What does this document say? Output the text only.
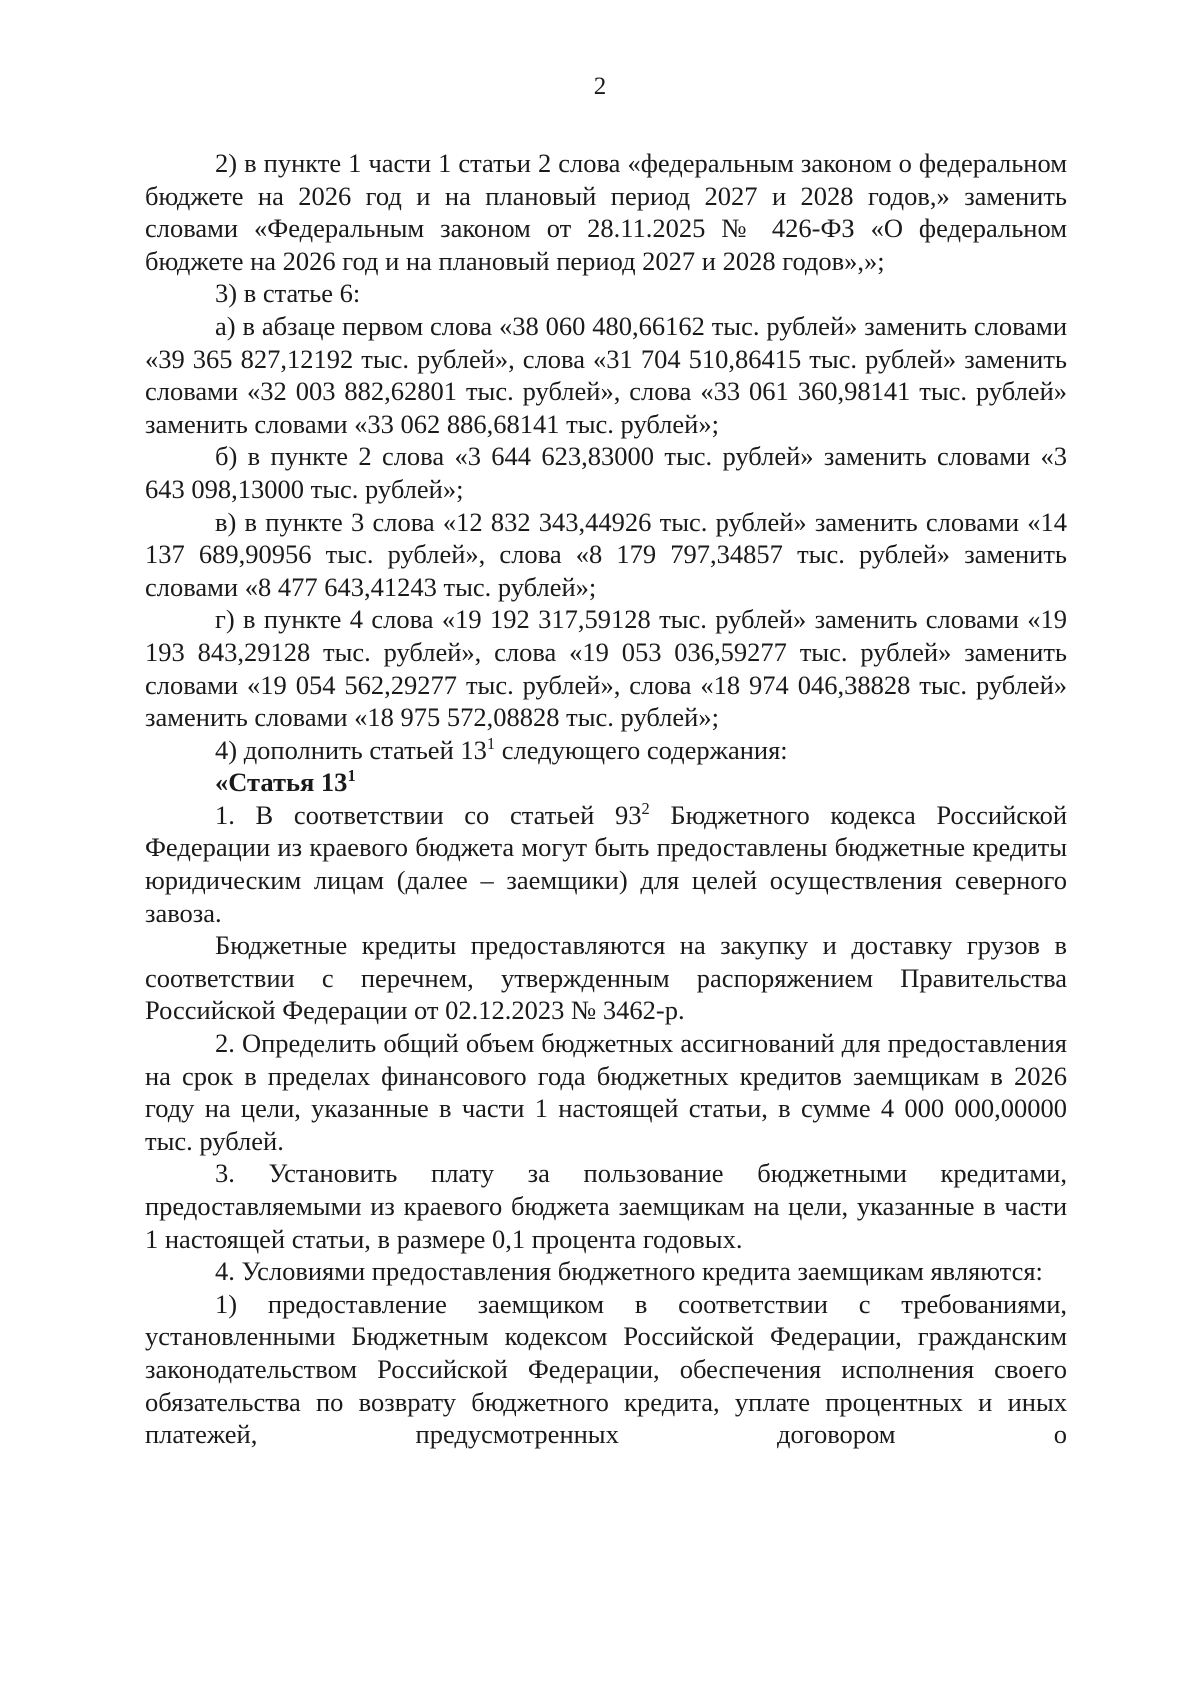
2

2) в пункте 1 части 1 статьи 2 слова «федеральным законом о федеральном бюджете на 2026 год и на плановый период 2027 и 2028 годов,» заменить словами «Федеральным законом от 28.11.2025 № 426-ФЗ «О федеральном бюджете на 2026 год и на плановый период 2027 и 2028 годов»,»;

3) в статье 6:

а) в абзаце первом слова «38 060 480,66162 тыс. рублей» заменить словами «39 365 827,12192 тыс. рублей», слова «31 704 510,86415 тыс. рублей» заменить словами «32 003 882,62801 тыс. рублей», слова «33 061 360,98141 тыс. рублей» заменить словами «33 062 886,68141 тыс. рублей»;

б) в пункте 2 слова «3 644 623,83000 тыс. рублей» заменить словами «3 643 098,13000 тыс. рублей»;

в) в пункте 3 слова «12 832 343,44926 тыс. рублей» заменить словами «14 137 689,90956 тыс. рублей», слова «8 179 797,34857 тыс. рублей» заменить словами «8 477 643,41243 тыс. рублей»;

г) в пункте 4 слова «19 192 317,59128 тыс. рублей» заменить словами «19 193 843,29128 тыс. рублей», слова «19 053 036,59277 тыс. рублей» заменить словами «19 054 562,29277 тыс. рублей», слова «18 974 046,38828 тыс. рублей» заменить словами «18 975 572,08828 тыс. рублей»;

4) дополнить статьей $13^1$ следующего содержания:

«Статья $13^1$

1. В соответствии со статьей $93^2$ Бюджетного кодекса Российской Федерации из краевого бюджета могут быть предоставлены бюджетные кредиты юридическим лицам (далее – заемщики) для целей осуществления северного завоза.

Бюджетные кредиты предоставляются на закупку и доставку грузов в соответствии с перечнем, утвержденным распоряжением Правительства Российской Федерации от 02.12.2023 № 3462-р.

2. Определить общий объем бюджетных ассигнований для предоставления на срок в пределах финансового года бюджетных кредитов заемщикам в 2026 году на цели, указанные в части 1 настоящей статьи, в сумме 4 000 000,00000 тыс. рублей.

3. Установить плату за пользование бюджетными кредитами, предоставляемыми из краевого бюджета заемщикам на цели, указанные в части 1 настоящей статьи, в размере 0,1 процента годовых.

4. Условиями предоставления бюджетного кредита заемщикам являются:

1) предоставление заемщиком в соответствии с требованиями, установленными Бюджетным кодексом Российской Федерации, гражданским законодательством Российской Федерации, обеспечения исполнения своего обязательства по возврату бюджетного кредита, уплате процентных и иных платежей, предусмотренных договором о
